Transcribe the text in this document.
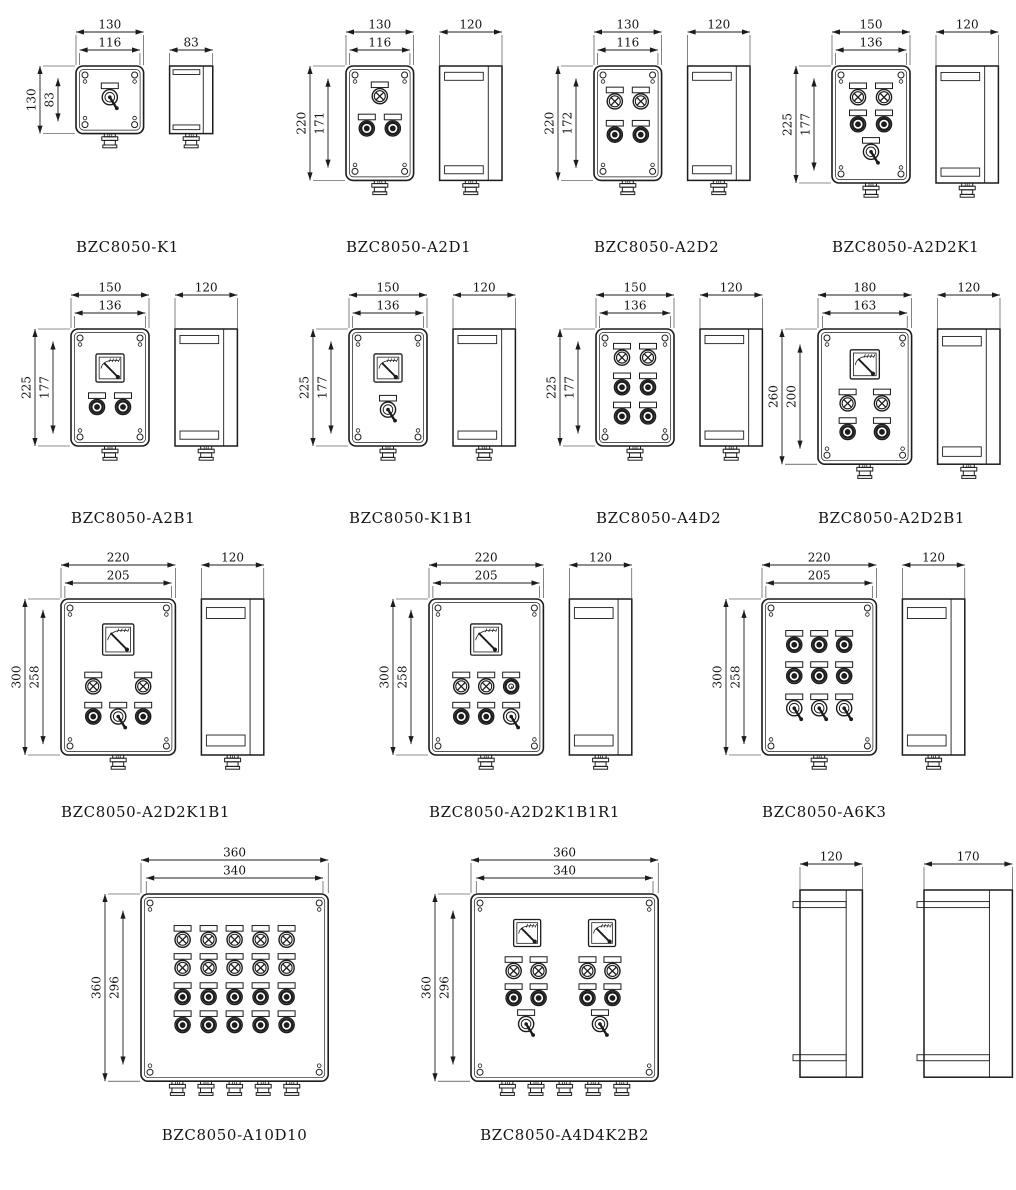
130
116
130 83
83
BZC8050-K1
130
116
220 171
120
BZC8050-A2D1
130
116
220 172
120
BZC8050-A2D2
150
136
225 177
120
BZC8050-A2D2K1
150
136
225 177
120
BZC8050-A2B1
150
136
225 177
120
BZC8050-K1B1
150
136
225 177
120
BZC8050-A4D2
180
163
260 200
120
BZC8050-A2D2B1
220
205
300 258
120
BZC8050-A2D2K1B1
220
205
300 258
120
BZC8050-A2D2K1B1R1
220
205
300 258
120
BZC8050-A6K3
360
340
360 296
BZC8050-A10D10
360
340
360 296
BZC8050-A4D4K2B2
120	170
